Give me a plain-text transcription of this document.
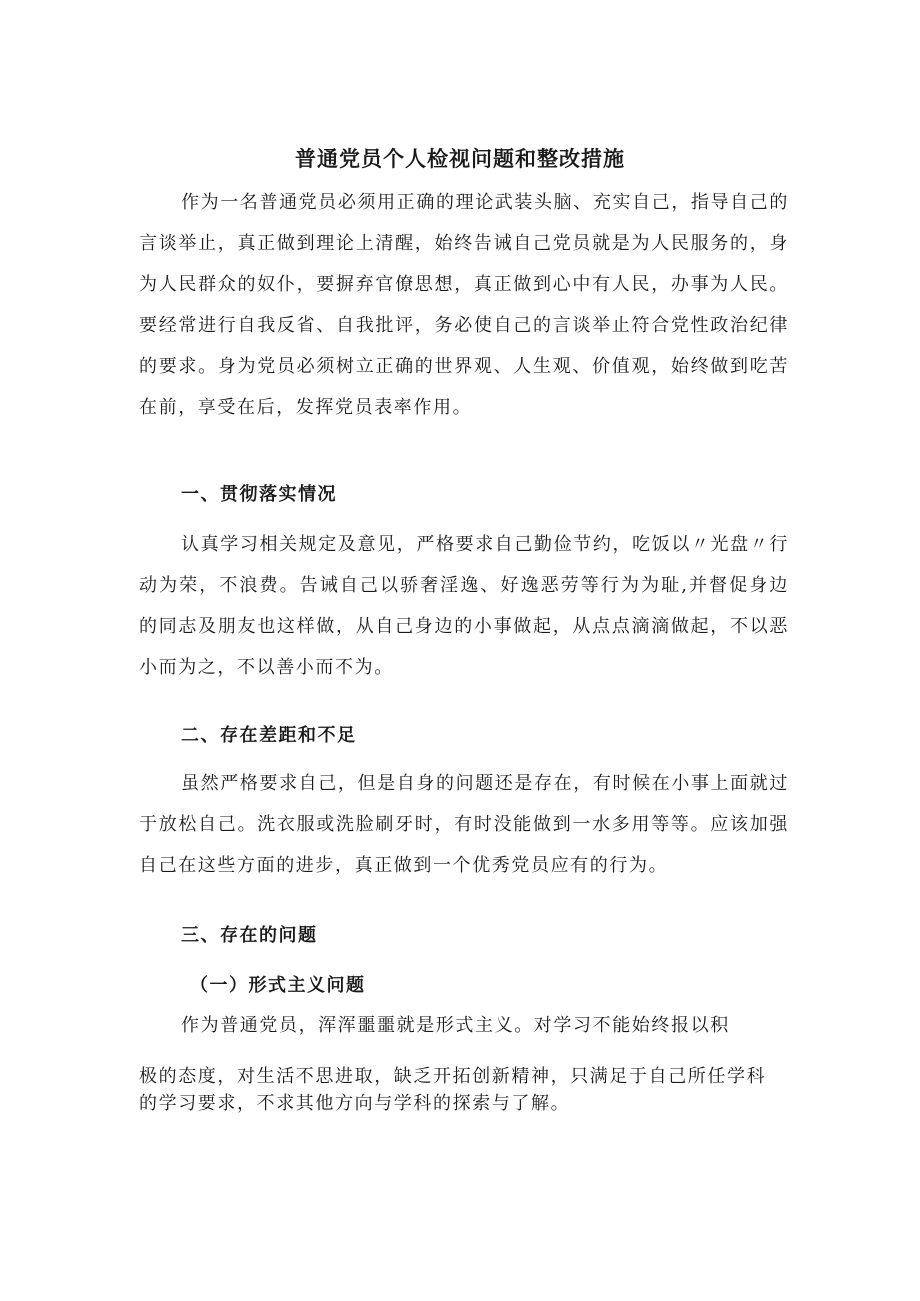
普通党员个人检视问题和整改措施

作为一名普通党员必须用正确的理论武装头脑、充实自己，指导自己的言谈举止，真正做到理论上清醒，始终告诫自己党员就是为人民服务的，身为人民群众的奴仆，要摒弃官僚思想，真正做到心中有人民，办事为人民。要经常进行自我反省、自我批评，务必使自己的言谈举止符合党性政治纪律的要求。身为党员必须树立正确的世界观、人生观、价值观，始终做到吃苦在前，享受在后，发挥党员表率作用。

一、贯彻落实情况

认真学习相关规定及意见，严格要求自己勤俭节约，吃饭以〃光盘〃行动为荣，不浪费。告诫自己以骄奢淫逸、好逸恶劳等行为为耻,并督促身边的同志及朋友也这样做，从自己身边的小事做起，从点点滴滴做起，不以恶小而为之，不以善小而不为。

二、存在差距和不足

虽然严格要求自己，但是自身的问题还是存在，有时候在小事上面就过于放松自己。洗衣服或洗脸刷牙时，有时没能做到一水多用等等。应该加强自己在这些方面的进步，真正做到一个优秀党员应有的行为。

三、存在的问题
（一）形式主义问题

作为普通党员，浑浑噩噩就是形式主义。对学习不能始终报以积

极的态度，对生活不思进取，缺乏开拓创新精神，只满足于自己所任学科

的学习要求，不求其他方向与学科的探索与了解。
